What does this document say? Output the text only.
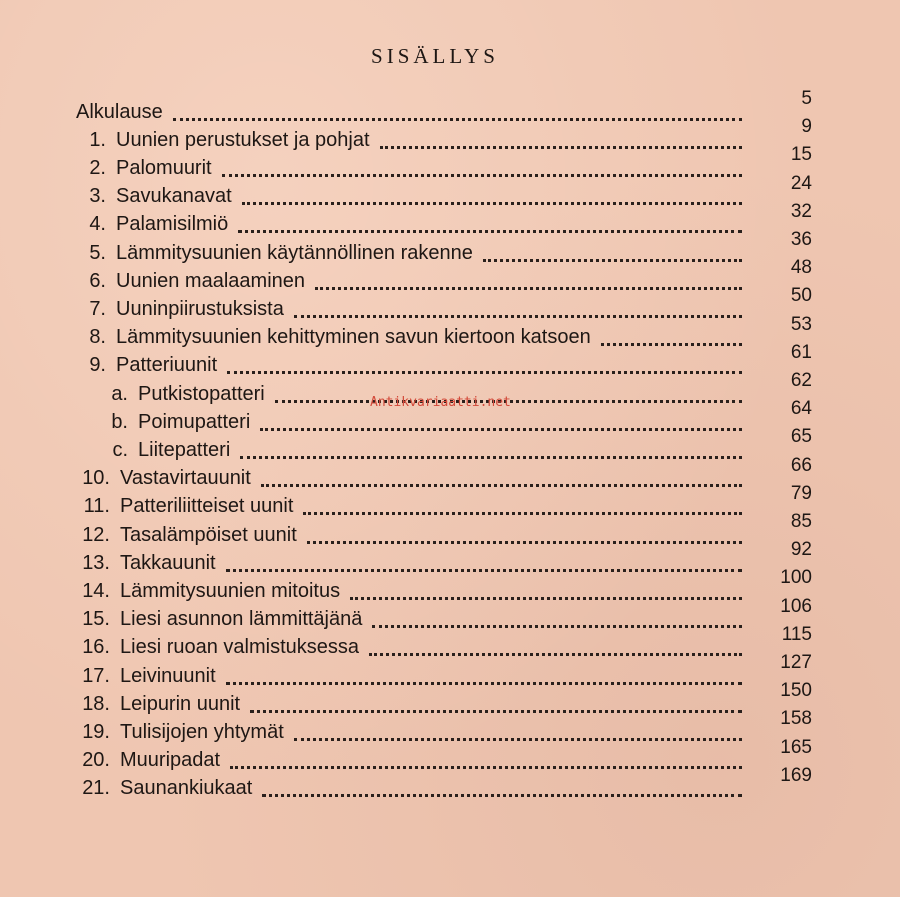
SISÄLLYS
Alkulause
5
1. Uunien perustukset ja pohjat
9
2. Palomuurit
15
3. Savukanavat
24
4. Palamisilmiö
32
5. Lämmitysuunien käytännöllinen rakenne
36
6. Uunien maalaaminen
48
7. Uuninpiirustuksista
50
8. Lämmitysuunien kehittyminen savun kiertoon katsoen
53
9. Patteriuunit
61
a. Putkistopatteri
62
b. Poimupatteri
64
c. Liitepatteri
65
10. Vastavirtauunit
66
11. Patteriliitteiset uunit
79
12. Tasalämpöiset uunit
85
13. Takkauunit
92
14. Lämmitysuunien mitoitus
100
15. Liesi asunnon lämmittäjänä
106
16. Liesi ruoan valmistuksessa
115
17. Leivinuunit
127
18. Leipurin uunit
150
19. Tulisijojen yhtymät
158
20. Muuripadat
165
21. Saunankiukaat
169
Antikvariaatti.net
